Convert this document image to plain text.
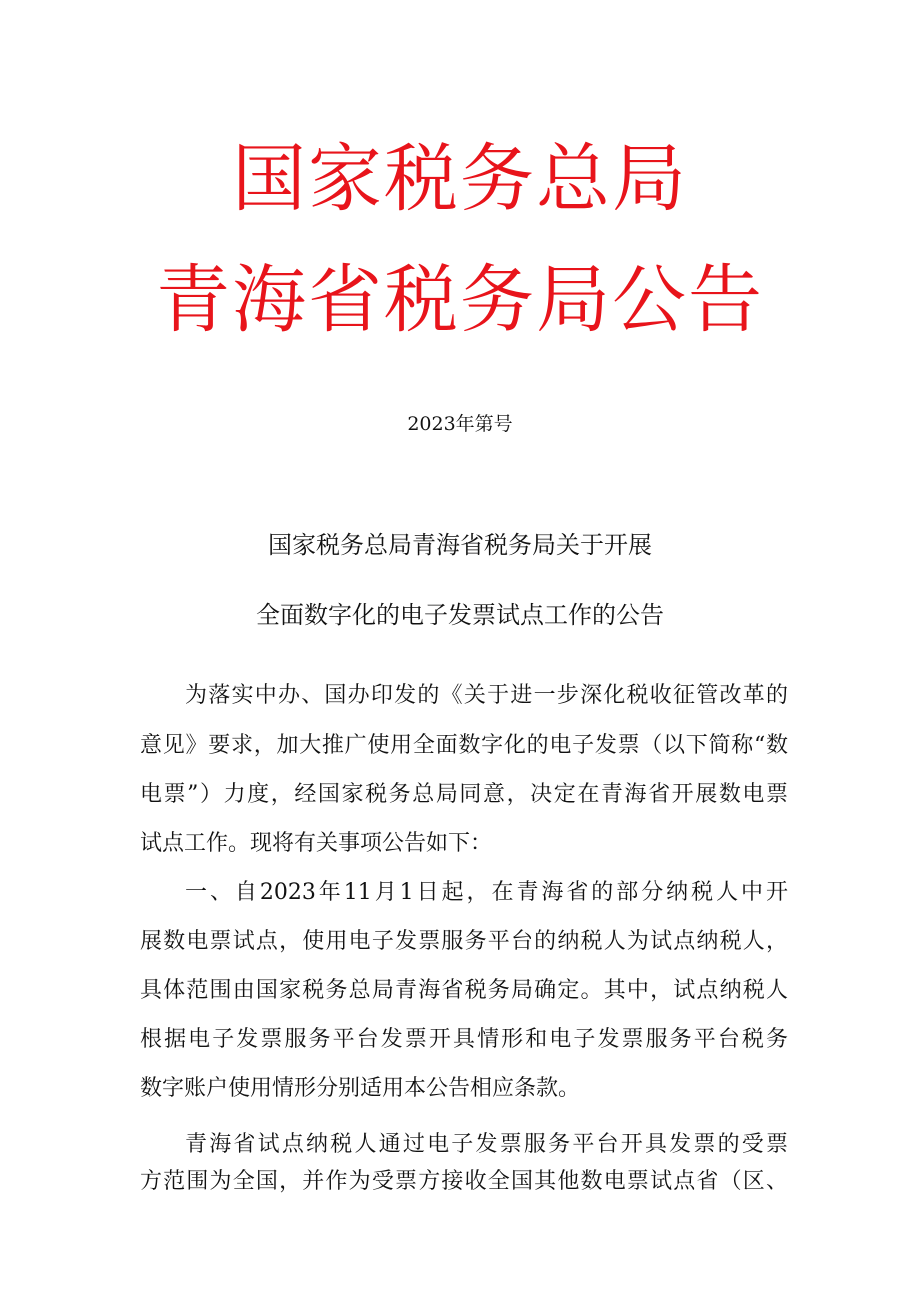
国家税务总局
青海省税务局公告
2023年第号
国家税务总局青海省税务局关于开展
全面数字化的电子发票试点工作的公告
为落实中办、国办印发的《关于进一步深化税收征管改革的
意见》要求，加大推广使用全面数字化的电子发票（以下简称“数
电票”）力度，经国家税务总局同意，决定在青海省开展数电票
试点工作。现将有关事项公告如下：
一、自2023年11月1日起，在青海省的部分纳税人中开
展数电票试点，使用电子发票服务平台的纳税人为试点纳税人，
具体范围由国家税务总局青海省税务局确定。其中，试点纳税人
根据电子发票服务平台发票开具情形和电子发票服务平台税务
数字账户使用情形分别适用本公告相应条款。
青海省试点纳税人通过电子发票服务平台开具发票的受票
方范围为全国，并作为受票方接收全国其他数电票试点省（区、
